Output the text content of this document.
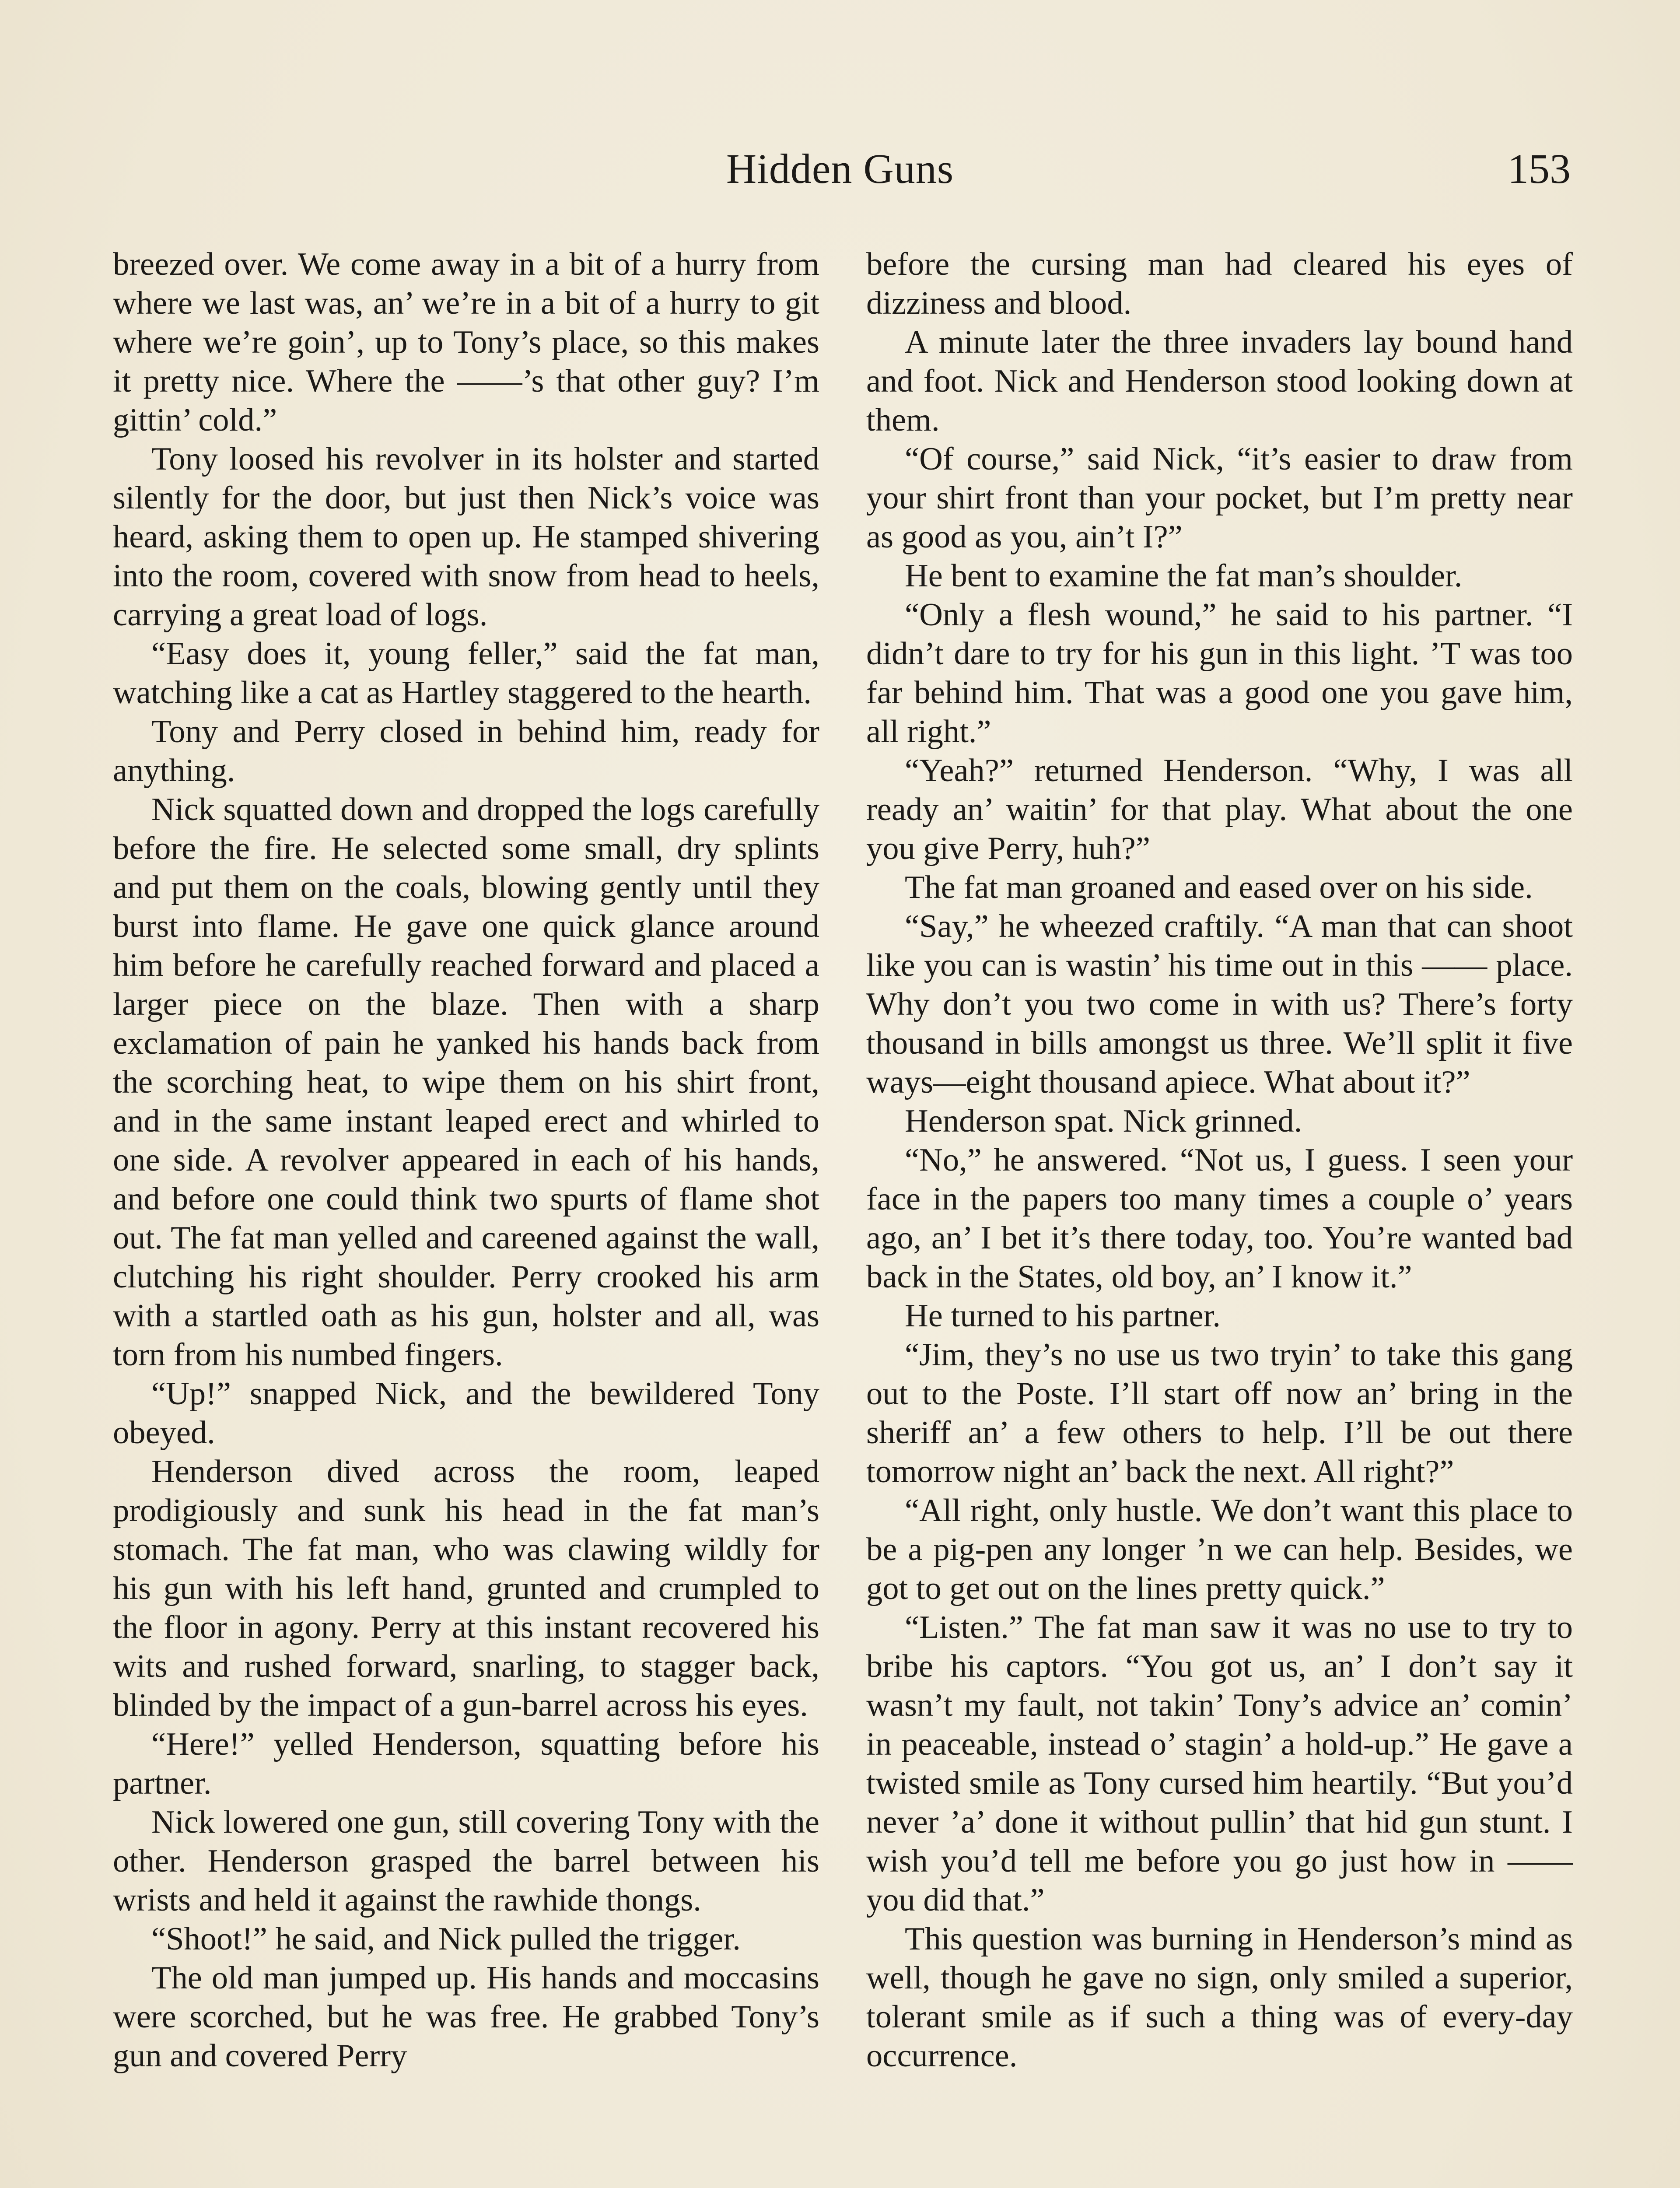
Hidden Guns	153

breezed over. We come away in a bit of a hurry from where we last was, an’ we’re in a bit of a hurry to git where we’re goin’, up to Tony’s place, so this makes it pretty nice. Where the ——’s that other guy? I’m gittin’ cold.”

Tony loosed his revolver in its holster and started silently for the door, but just then Nick’s voice was heard, asking them to open up. He stamped shivering into the room, covered with snow from head to heels, carrying a great load of logs.

“Easy does it, young feller,” said the fat man, watching like a cat as Hartley staggered to the hearth.

Tony and Perry closed in behind him, ready for anything.

Nick squatted down and dropped the logs carefully before the fire. He selected some small, dry splints and put them on the coals, blowing gently until they burst into flame. He gave one quick glance around him before he carefully reached forward and placed a larger piece on the blaze. Then with a sharp exclamation of pain he yanked his hands back from the scorching heat, to wipe them on his shirt front, and in the same instant leaped erect and whirled to one side. A revolver appeared in each of his hands, and before one could think two spurts of flame shot out. The fat man yelled and careened against the wall, clutching his right shoulder. Perry crooked his arm with a startled oath as his gun, holster and all, was torn from his numbed fingers.

“Up!” snapped Nick, and the bewildered Tony obeyed.

Henderson dived across the room, leaped prodigiously and sunk his head in the fat man’s stomach. The fat man, who was clawing wildly for his gun with his left hand, grunted and crumpled to the floor in agony. Perry at this instant recovered his wits and rushed forward, snarling, to stagger back, blinded by the impact of a gun-barrel across his eyes.

“Here!” yelled Henderson, squatting before his partner.

Nick lowered one gun, still covering Tony with the other. Henderson grasped the barrel between his wrists and held it against the rawhide thongs.

“Shoot!” he said, and Nick pulled the trigger.

The old man jumped up. His hands and moccasins were scorched, but he was free. He grabbed Tony’s gun and covered Perry

before the cursing man had cleared his eyes of dizziness and blood.

A minute later the three invaders lay bound hand and foot. Nick and Henderson stood looking down at them.

“Of course,” said Nick, “it’s easier to draw from your shirt front than your pocket, but I’m pretty near as good as you, ain’t I?”

He bent to examine the fat man’s shoulder.

“Only a flesh wound,” he said to his partner. “I didn’t dare to try for his gun in this light. ’T was too far behind him. That was a good one you gave him, all right.”

“Yeah?” returned Henderson. “Why, I was all ready an’ waitin’ for that play. What about the one you give Perry, huh?”

The fat man groaned and eased over on his side.

“Say,” he wheezed craftily. “A man that can shoot like you can is wastin’ his time out in this —— place. Why don’t you two come in with us? There’s forty thousand in bills amongst us three. We’ll split it five ways—eight thousand apiece. What about it?”

Henderson spat. Nick grinned.

“No,” he answered. “Not us, I guess. I seen your face in the papers too many times a couple o’ years ago, an’ I bet it’s there today, too. You’re wanted bad back in the States, old boy, an’ I know it.”

He turned to his partner.

“Jim, they’s no use us two tryin’ to take this gang out to the Poste. I’ll start off now an’ bring in the sheriff an’ a few others to help. I’ll be out there tomorrow night an’ back the next. All right?”

“All right, only hustle. We don’t want this place to be a pig-pen any longer ’n we can help. Besides, we got to get out on the lines pretty quick.”

“Listen.” The fat man saw it was no use to try to bribe his captors. “You got us, an’ I don’t say it wasn’t my fault, not takin’ Tony’s advice an’ comin’ in peaceable, instead o’ stagin’ a hold-up.” He gave a twisted smile as Tony cursed him heartily. “But you’d never ’a’ done it without pullin’ that hid gun stunt. I wish you’d tell me before you go just how in —— you did that.”

This question was burning in Henderson’s mind as well, though he gave no sign, only smiled a superior, tolerant smile as if such a thing was of every-day occurrence.
